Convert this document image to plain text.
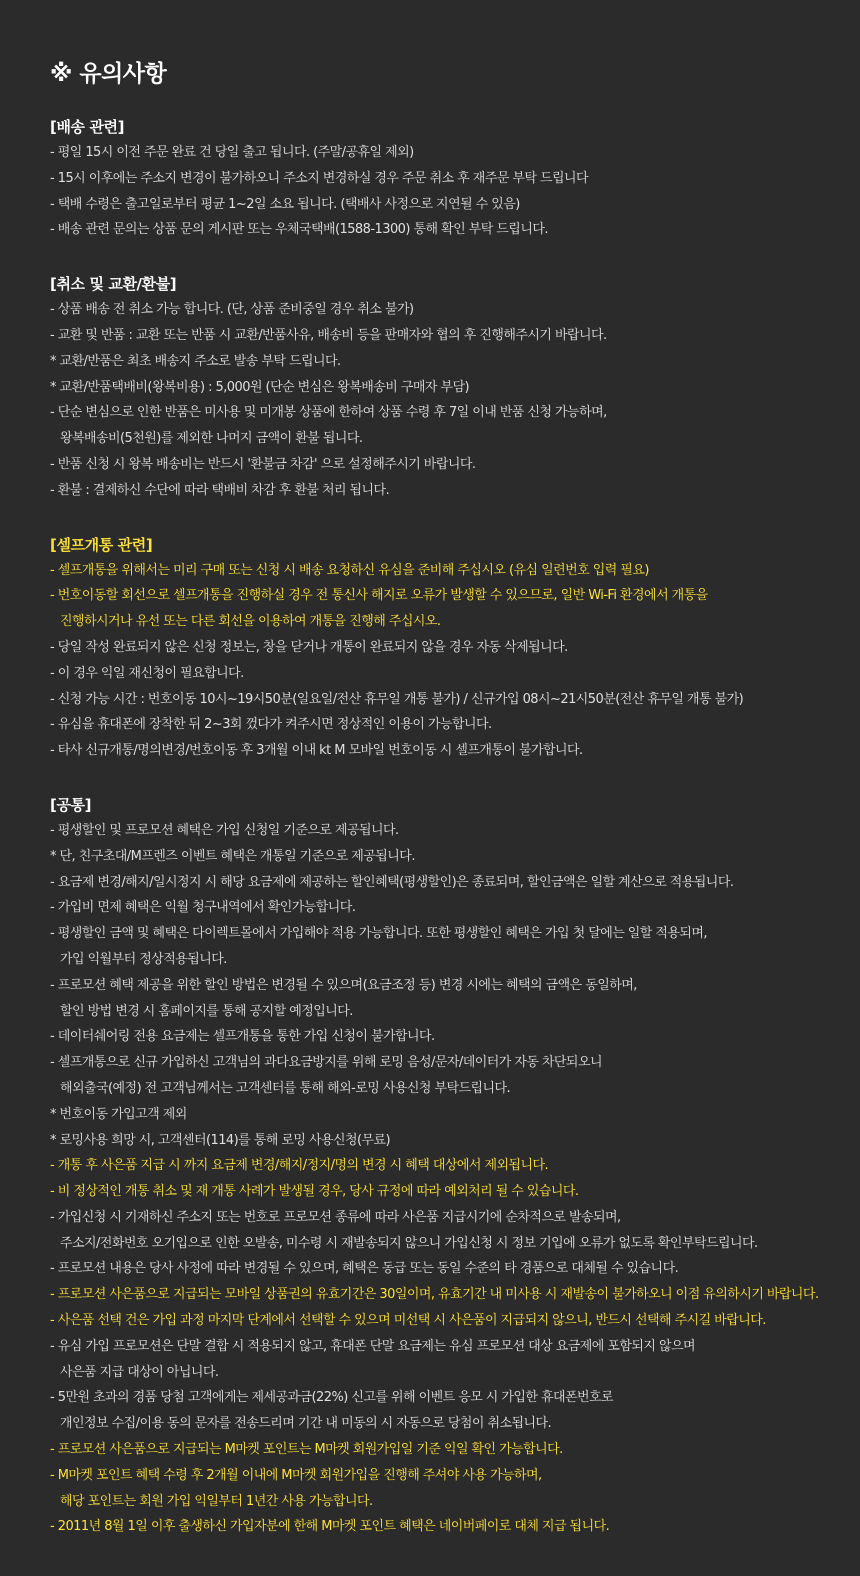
※ 유의사항
[배송 관련]
- 평일 15시 이전 주문 완료 건 당일 출고 됩니다. (주말/공휴일 제외)
- 15시 이후에는 주소지 변경이 불가하오니 주소지 변경하실 경우 주문 취소 후 재주문 부탁 드립니다
- 택배 수령은 출고일로부터 평균 1~2일 소요 됩니다. (택배사 사정으로 지연될 수 있음)
- 배송 관련 문의는 상품 문의 게시판 또는 우체국택배(1588-1300) 통해 확인 부탁 드립니다.
[취소 및 교환/환불]
- 상품 배송 전 취소 가능 합니다. (단, 상품 준비중일 경우 취소 불가)
- 교환 및 반품 : 교환 또는 반품 시 교환/반품사유, 배송비 등을 판매자와 협의 후 진행해주시기 바랍니다.
* 교환/반품은 최초 배송지 주소로 발송 부탁 드립니다.
* 교환/반품택배비(왕복비용) : 5,000원 (단순 변심은 왕복배송비 구매자 부담)
- 단순 변심으로 인한 반품은 미사용 및 미개봉 상품에 한하여 상품 수령 후 7일 이내 반품 신청 가능하며,
왕복배송비(5천원)를 제외한 나머지 금액이 환불 됩니다.
- 반품 신청 시 왕복 배송비는 반드시 '환불금 차감' 으로 설정해주시기 바랍니다.
- 환불 : 결제하신 수단에 따라 택배비 차감 후 환불 처리 됩니다.
[셀프개통 관련]
- 셀프개통을 위해서는 미리 구매 또는 신청 시 배송 요청하신 유심을 준비해 주십시오 (유심 일련번호 입력 필요)
- 번호이동할 회선으로 셀프개통을 진행하실 경우 전 통신사 해지로 오류가 발생할 수 있으므로, 일반 Wi-Fi 환경에서 개통을
진행하시거나 유선 또는 다른 회선을 이용하여 개통을 진행해 주십시오.
- 당일 작성 완료되지 않은 신청 정보는, 창을 닫거나 개통이 완료되지 않을 경우 자동 삭제됩니다.
- 이 경우 익일 재신청이 필요합니다.
- 신청 가능 시간 : 번호이동 10시~19시50분(일요일/전산 휴무일 개통 불가) / 신규가입 08시~21시50분(전산 휴무일 개통 불가)
- 유심을 휴대폰에 장착한 뒤 2~3회 껐다가 켜주시면 정상적인 이용이 가능합니다.
- 타사 신규개통/명의변경/번호이동 후 3개월 이내 kt M 모바일 번호이동 시 셀프개통이 불가합니다.
[공통]
- 평생할인 및 프로모션 혜택은 가입 신청일 기준으로 제공됩니다.
* 단, 친구초대/M프렌즈 이벤트 혜택은 개통일 기준으로 제공됩니다.
- 요금제 변경/해지/일시정지 시 해당 요금제에 제공하는 할인혜택(평생할인)은 종료되며, 할인금액은 일할 계산으로 적용됩니다.
- 가입비 면제 혜택은 익월 청구내역에서 확인가능합니다.
- 평생할인 금액 및 혜택은 다이렉트몰에서 가입해야 적용 가능합니다. 또한 평생할인 혜택은 가입 첫 달에는 일할 적용되며,
가입 익월부터 정상적용됩니다.
- 프로모션 혜택 제공을 위한 할인 방법은 변경될 수 있으며(요금조정 등) 변경 시에는 혜택의 금액은 동일하며,
할인 방법 변경 시 홈페이지를 통해 공지할 예정입니다.
- 데이터쉐어링 전용 요금제는 셀프개통을 통한 가입 신청이 불가합니다.
- 셀프개통으로 신규 가입하신 고객님의 과다요금방지를 위해 로밍 음성/문자/데이터가 자동 차단되오니
해외출국(예정) 전 고객님께서는 고객센터를 통해 해외-로밍 사용신청 부탁드립니다.
* 번호이동 가입고객 제외
* 로밍사용 희망 시, 고객센터(114)를 통해 로밍 사용신청(무료)
- 개통 후 사은품 지급 시 까지 요금제 변경/해지/정지/명의 변경 시 혜택 대상에서 제외됩니다.
- 비 정상적인 개통 취소 및 재 개통 사례가 발생될 경우, 당사 규정에 따라 예외처리 될 수 있습니다.
- 가입신청 시 기재하신 주소지 또는 번호로 프로모션 종류에 따라 사은품 지급시기에 순차적으로 발송되며,
주소지/전화번호 오기입으로 인한 오발송, 미수령 시 재발송되지 않으니 가입신청 시 정보 기입에 오류가 없도록 확인부탁드립니다.
- 프로모션 내용은 당사 사정에 따라 변경될 수 있으며, 혜택은 동급 또는 동일 수준의 타 경품으로 대체될 수 있습니다.
- 프로모션 사은품으로 지급되는 모바일 상품권의 유효기간은 30일이며, 유효기간 내 미사용 시 재발송이 불가하오니 이점 유의하시기 바랍니다.
- 사은품 선택 건은 가입 과정 마지막 단계에서 선택할 수 있으며 미선택 시 사은품이 지급되지 않으니, 반드시 선택해 주시길 바랍니다.
- 유심 가입 프로모션은 단말 결합 시 적용되지 않고, 휴대폰 단말 요금제는 유심 프로모션 대상 요금제에 포함되지 않으며
사은품 지급 대상이 아닙니다.
- 5만원 초과의 경품 당첨 고객에게는 제세공과금(22%) 신고를 위해 이벤트 응모 시 가입한 휴대폰번호로
개인정보 수집/이용 동의 문자를 전송드리며 기간 내 미동의 시 자동으로 당첨이 취소됩니다.
- 프로모션 사은품으로 지급되는 M마켓 포인트는 M마켓 회원가입일 기준 익일 확인 가능합니다.
- M마켓 포인트 혜택 수령 후 2개월 이내에 M마켓 회원가입을 진행해 주셔야 사용 가능하며,
해당 포인트는 회원 가입 익일부터 1년간 사용 가능합니다.
- 2011년 8월 1일 이후 출생하신 가입자분에 한해 M마켓 포인트 혜택은 네이버페이로 대체 지급 됩니다.
